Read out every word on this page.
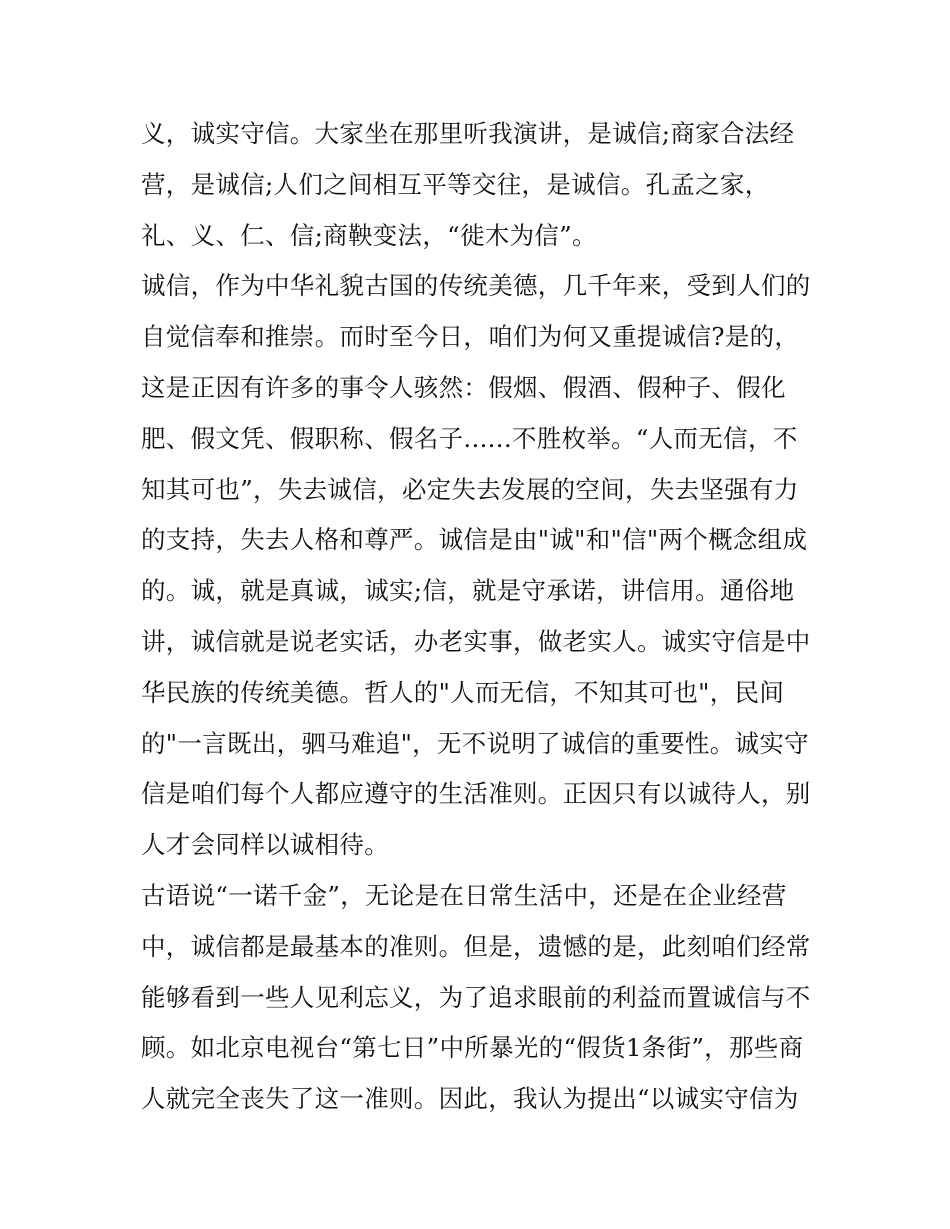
义，诚实守信。大家坐在那里听我演讲，是诚信;商家合法经
营，是诚信;人们之间相互平等交往，是诚信。孔孟之家，
礼、义、仁、信;商鞅变法，“徙木为信”。
诚信，作为中华礼貌古国的传统美德，几千年来，受到人们的
自觉信奉和推崇。而时至今日，咱们为何又重提诚信?是的，
这是正因有许多的事令人骇然：假烟、假酒、假种子、假化
肥、假文凭、假职称、假名子......不胜枚举。“人而无信，不
知其可也”，失去诚信，必定失去发展的空间，失去坚强有力
的支持，失去人格和尊严。诚信是由"诚"和"信"两个概念组成
的。诚，就是真诚，诚实;信，就是守承诺，讲信用。通俗地
讲，诚信就是说老实话，办老实事，做老实人。诚实守信是中
华民族的传统美德。哲人的"人而无信，不知其可也"，民间
的"一言既出，驷马难追"，无不说明了诚信的重要性。诚实守
信是咱们每个人都应遵守的生活准则。正因只有以诚待人，别
人才会同样以诚相待。
古语说“一诺千金”，无论是在日常生活中，还是在企业经营
中，诚信都是最基本的准则。但是，遗憾的是，此刻咱们经常
能够看到一些人见利忘义，为了追求眼前的利益而置诚信与不
顾。如北京电视台“第七日”中所暴光的“假货1条街”，那些商
人就完全丧失了这一准则。因此，我认为提出“以诚实守信为
